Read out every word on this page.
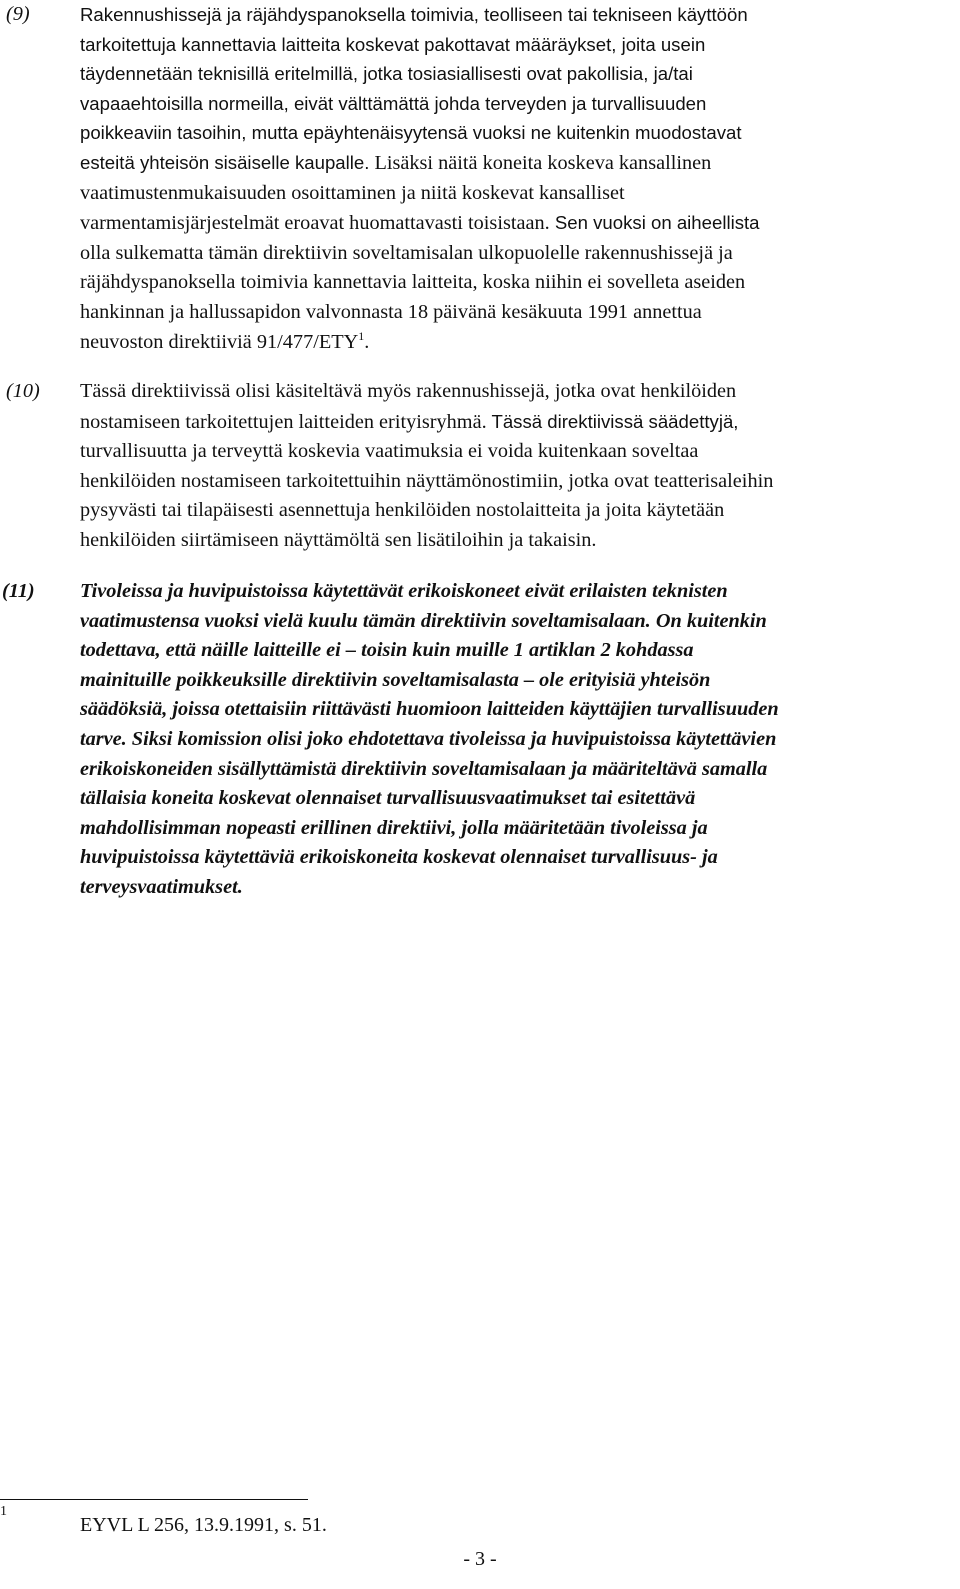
(9)	Rakennushissejä ja räjähdyspanoksella toimivia, teolliseen tai tekniseen käyttöön
tarkoitettuja kannettavia laitteita koskevat pakottavat määräykset, joita usein
täydennetään teknisillä eritelmillä, jotka tosiasiallisesti ovat pakollisia, ja/tai
vapaaehtoisilla normeilla, eivät välttämättä johda terveyden ja turvallisuuden
poikkeaviin tasoihin, mutta epäyhtenäisyytensä vuoksi ne kuitenkin muodostavat
esteitä yhteisön sisäiselle kaupalle. Lisäksi näitä koneita koskeva kansallinen
vaatimustenmukaisuuden osoittaminen ja niitä koskevat kansalliset
varmentamisjärjestelmät eroavat huomattavasti toisistaan. Sen vuoksi on aiheellista
olla sulkematta tämän direktiivin soveltamisalan ulkopuolelle rakennushissejä ja
räjähdyspanoksella toimivia kannettavia laitteita, koska niihin ei sovelleta aseiden
hankinnan ja hallussapidon valvonnasta 18 päivänä kesäkuuta 1991 annettua
neuvoston direktiiviä 91/477/ETY$^1$.
(10)	Tässä direktiivissä olisi käsiteltävä myös rakennushissejä, jotka ovat henkilöiden
nostamiseen tarkoitettujen laitteiden erityisryhmä. Tässä direktiivissä säädettyjä,
turvallisuutta ja terveyttä koskevia vaatimuksia ei voida kuitenkaan soveltaa
henkilöiden nostamiseen tarkoitettuihin näyttämönostimiin, jotka ovat teatterisaleihin
pysyvästi tai tilapäisesti asennettuja henkilöiden nostolaitteita ja joita käytetään
henkilöiden siirtämiseen näyttämöltä sen lisätiloihin ja takaisin.
(11)	Tivoleissa ja huvipuistoissa käytettävät erikoiskoneet eivät erilaisten teknisten
vaatimustensa vuoksi vielä kuulu tämän direktiivin soveltamisalaan. On kuitenkin
todettava, että näille laitteille ei – toisin kuin muille 1 artiklan 2 kohdassa
mainituille poikkeuksille direktiivin soveltamisalasta – ole erityisiä yhteisön
säädöksiä, joissa otettaisiin riittävästi huomioon laitteiden käyttäjien turvallisuuden
tarve. Siksi komission olisi joko ehdotettava tivoleissa ja huvipuistoissa käytettävien
erikoiskoneiden sisällyttämistä direktiivin soveltamisalaan ja määriteltävä samalla
tällaisia koneita koskevat olennaiset turvallisuusvaatimukset tai esitettävä
mahdollisimman nopeasti erillinen direktiivi, jolla määritetään tivoleissa ja
huvipuistoissa käytettäviä erikoiskoneita koskevat olennaiset turvallisuus- ja
terveysvaatimukset.
1
EYVL L 256, 13.9.1991, s. 51.
- 3 -
